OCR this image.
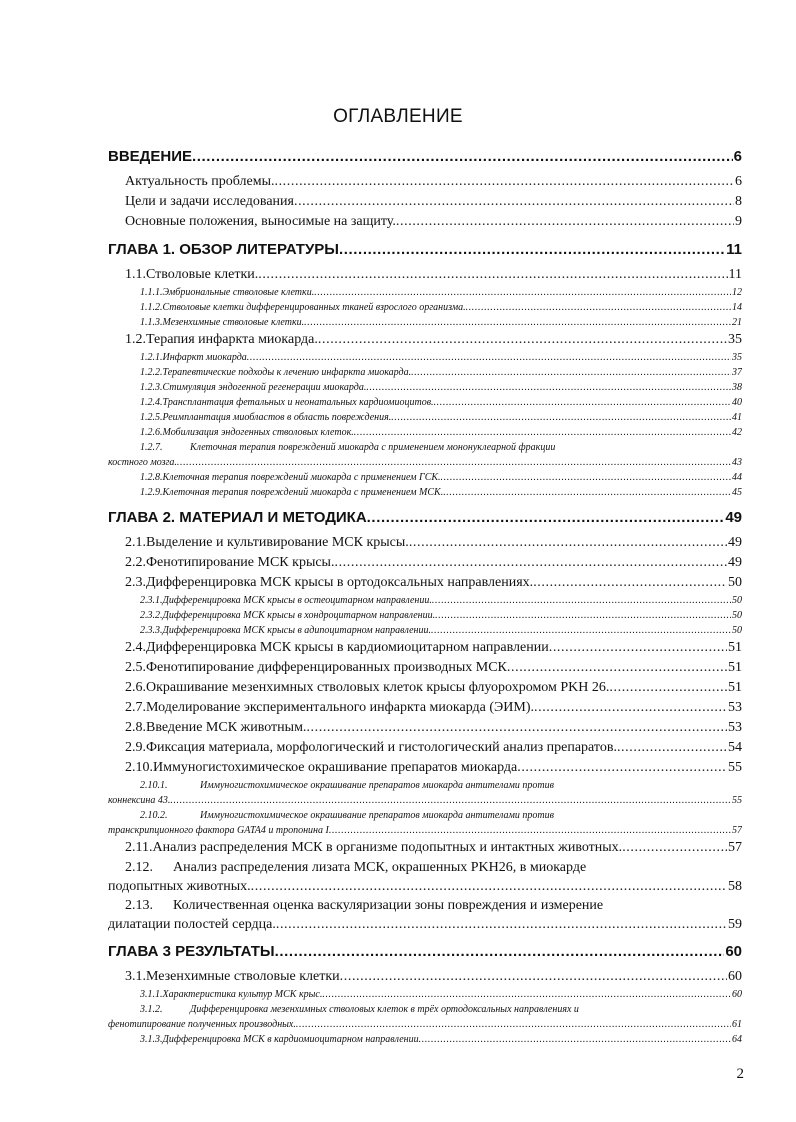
ОГЛАВЛЕНИЕ
ВВЕДЕНИЕ .....	6
Актуальность проблемы. .....	6
Цели и задачи исследования .....	8
Основные положения, выносимые на защиту. .....	9
ГЛАВА 1. ОБЗОР ЛИТЕРАТУРЫ .....	11
1.1. Стволовые клетки. .....	11
1.1.1. Эмбриональные стволовые клетки. .....	12
1.1.2. Стволовые клетки дифференцированных тканей взрослого организма. .....	14
1.1.3. Мезенхимные стволовые клетки. .....	21
1.2. Терапия инфаркта миокарда. .....	35
1.2.1. Инфаркт миокарда .....	35
1.2.2. Терапевтические подходы к лечению инфаркта миокарда. .....	37
1.2.3. Стимуляция эндогенной регенерации миокарда. .....	38
1.2.4. Трансплантация фетальных и неонатальных кардиомиоцитов. .....	40
1.2.5. Реимплантация миобластов в область повреждения. .....	41
1.2.6. Мобилизация эндогенных стволовых клеток. .....	42
1.2.7.	Клеточная терапия повреждений миокарда с применением мононуклеарной фракции
костного мозга. .....	43
1.2.8. Клеточная терапия повреждений миокарда с применением ГСК. .....	44
1.2.9. Клеточная терапия повреждений миокарда с применением МСК. .....	45
ГЛАВА 2. МАТЕРИАЛ И МЕТОДИКА .....	49
2.1. Выделение и культивирование МСК крысы. .....	49
2.2. Фенотипирование МСК крысы. .....	49
2.3. Дифференцировка МСК крысы в ортодоксальных направлениях. .....	50
2.3.1. Дифференцировка МСК крысы в остеоцитарном направлении. .....	50
2.3.2. Дифференцировка МСК крысы в хондроцитарном направлении. .....	50
2.3.3. Дифференцировка МСК крысы в адипоцитарном направлении. .....	50
2.4. Дифференцировка МСК крысы в кардиомиоцитарном направлении .....	51
2.5. Фенотипирование дифференцированных производных МСК .....	51
2.6. Окрашивание мезенхимных стволовых клеток крысы флуорохромом PKH 26. .....	51
2.7. Моделирование экспериментального инфаркта миокарда (ЭИМ). .....	53
2.8. Введение МСК животным. .....	53
2.9. Фиксация материала, морфологический и гистологический анализ препаратов. .....	54
2.10. Иммуногистохимическое окрашивание препаратов миокарда .....	55
2.10.1.	Иммуногистохимическое окрашивание препаратов миокарда антителами против
коннексина 43. .....	55
2.10.2.	Иммуногистохимическое окрашивание препаратов миокарда антителами против
транскрипционного фактора GATA4 и тропонина I .....	57
2.11. Анализ распределения МСК в организме подопытных и интактных животных. .....	57
2.12.	Анализ распределения лизата МСК, окрашенных PKH26, в миокарде
подопытных животных. .....	58
2.13.	Количественная оценка васкуляризации зоны повреждения и измерение
дилатации полостей сердца. .....	59
ГЛАВА 3 РЕЗУЛЬТАТЫ .....	60
3.1. Мезенхимные стволовые клетки .....	60
3.1.1. Характеристика культур МСК крыс. .....	60
3.1.2.	Дифференцировка мезенхимных стволовых клеток в трёх ортодоксальных направлениях и
фенотипирование полученных производных. .....	61
3.1.3. Дифференцировка МСК в кардиомиоцитарном направлении .....	64
2
